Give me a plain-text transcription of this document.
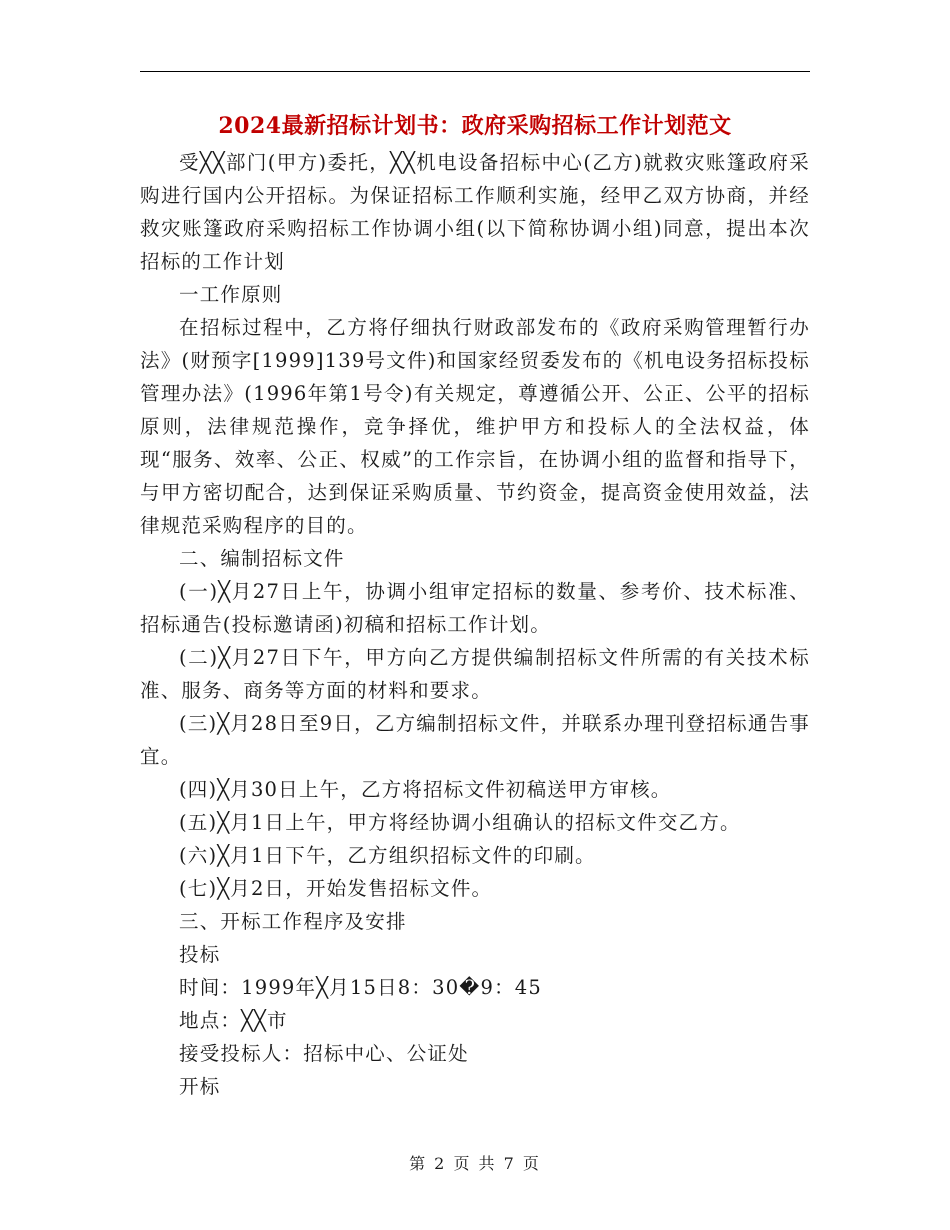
2024最新招标计划书：政府采购招标工作计划范文

受╳╳部门(甲方)委托，╳╳机电设备招标中心(乙方)就救灾账篷政府采购进行国内公开招标。为保证招标工作顺利实施，经甲乙双方协商，并经救灾账篷政府采购招标工作协调小组(以下简称协调小组)同意，提出本次招标的工作计划

一工作原则

在招标过程中，乙方将仔细执行财政部发布的《政府采购管理暂行办法》(财预字[1999]139号文件)和国家经贸委发布的《机电设务招标投标管理办法》(1996年第1号令)有关规定，尊遵循公开、公正、公平的招标原则，法律规范操作，竞争择优，维护甲方和投标人的全法权益，体现“服务、效率、公正、权威”的工作宗旨，在协调小组的监督和指导下，与甲方密切配合，达到保证采购质量、节约资金，提高资金使用效益，法律规范采购程序的目的。

二、编制招标文件

(一)╳月27日上午，协调小组审定招标的数量、参考价、技术标准、招标通告(投标邀请函)初稿和招标工作计划。

(二)╳月27日下午，甲方向乙方提供编制招标文件所需的有关技术标准、服务、商务等方面的材料和要求。

(三)╳月28日至9日，乙方编制招标文件，并联系办理刊登招标通告事宜。

(四)╳月30日上午，乙方将招标文件初稿送甲方审核。

(五)╳月1日上午，甲方将经协调小组确认的招标文件交乙方。

(六)╳月1日下午，乙方组织招标文件的印刷。

(七)╳月2日，开始发售招标文件。

三、开标工作程序及安排

投标

时间：1999年╳月15日8：30�9：45

地点：╳╳市

接受投标人：招标中心、公证处

开标

第 2 页 共 7 页
